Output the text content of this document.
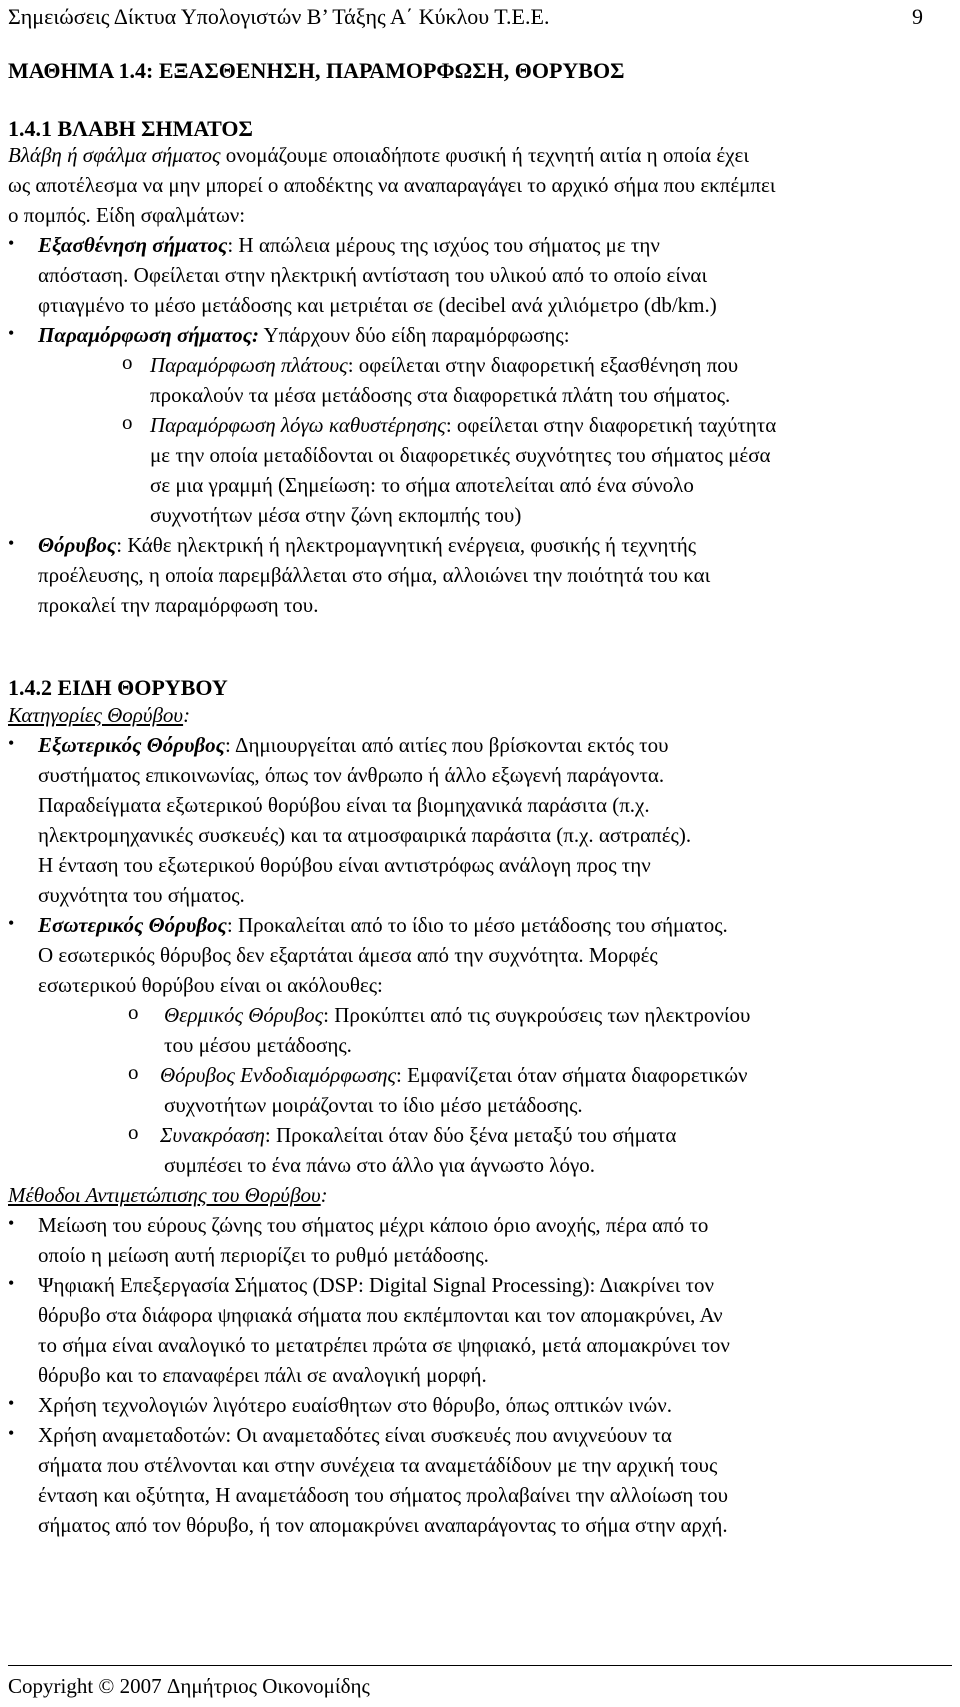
Σημειώσεις Δίκτυα Υπολογιστών Β’ Τάξης Α΄ Κύκλου Τ.Ε.Ε.	9
ΜΑΘΗΜΑ 1.4: ΕΞΑΣΘΕΝΗΣΗ, ΠΑΡΑΜΟΡΦΩΣΗ, ΘΟΡΥΒΟΣ
1.4.1 ΒΛΑΒΗ ΣΗΜΑΤΟΣ
Βλάβη ή σφάλμα σήματος ονομάζουμε οποιαδήποτε φυσική ή τεχνητή αιτία η οποία έχει
ως αποτέλεσμα να μην μπορεί ο αποδέκτης να αναπαραγάγει το αρχικό σήμα που εκπέμπει
ο πομπός. Είδη σφαλμάτων:
• Εξασθένηση σήματος: Η απώλεια μέρους της ισχύος του σήματος με την
απόσταση. Οφείλεται στην ηλεκτρική αντίσταση του υλικού από το οποίο είναι
φτιαγμένο το μέσο μετάδοσης και μετριέται σε (decibel ανά χιλιόμετρο (db/km.)
• Παραμόρφωση σήματος: Υπάρχουν δύο είδη παραμόρφωσης:
o Παραμόρφωση πλάτους: οφείλεται στην διαφορετική εξασθένηση που
προκαλούν τα μέσα μετάδοσης στα διαφορετικά πλάτη του σήματος.
o Παραμόρφωση λόγω καθυστέρησης: οφείλεται στην διαφορετική ταχύτητα
με την οποία μεταδίδονται οι διαφορετικές συχνότητες του σήματος μέσα
σε μια γραμμή (Σημείωση: το σήμα αποτελείται από ένα σύνολο
συχνοτήτων μέσα στην ζώνη εκπομπής του)
• Θόρυβος: Κάθε ηλεκτρική ή ηλεκτρομαγνητική ενέργεια, φυσικής ή τεχνητής
προέλευσης, η οποία παρεμβάλλεται στο σήμα, αλλοιώνει την ποιότητά του και
προκαλεί την παραμόρφωση του.
1.4.2 ΕΙΔΗ ΘΟΡΥΒΟΥ
Κατηγορίες Θορύβου:
• Εξωτερικός Θόρυβος: Δημιουργείται από αιτίες που βρίσκονται εκτός του
συστήματος επικοινωνίας, όπως τον άνθρωπο ή άλλο εξωγενή παράγοντα.
Παραδείγματα εξωτερικού θορύβου είναι τα βιομηχανικά παράσιτα (π.χ.
ηλεκτρομηχανικές συσκευές) και τα ατμοσφαιρικά παράσιτα (π.χ. αστραπές).
Η ένταση του εξωτερικού θορύβου είναι αντιστρόφως ανάλογη προς την
συχνότητα του σήματος.
• Εσωτερικός Θόρυβος: Προκαλείται από το ίδιο το μέσο μετάδοσης του σήματος.
Ο εσωτερικός θόρυβος δεν εξαρτάται άμεσα από την συχνότητα. Μορφές
εσωτερικού θορύβου είναι οι ακόλουθες:
o Θερμικός Θόρυβος: Προκύπτει από τις συγκρούσεις των ηλεκτρονίου
του μέσου μετάδοσης.
o Θόρυβος Ενδοδιαμόρφωσης: Εμφανίζεται όταν σήματα διαφορετικών
συχνοτήτων μοιράζονται το ίδιο μέσο μετάδοσης.
o Συνακρόαση: Προκαλείται όταν δύο ξένα μεταξύ του σήματα
συμπέσει το ένα πάνω στο άλλο για άγνωστο λόγο.
Μέθοδοι Αντιμετώπισης του Θορύβου:
• Μείωση του εύρους ζώνης του σήματος μέχρι κάποιο όριο ανοχής, πέρα από το
οποίο η μείωση αυτή περιορίζει το ρυθμό μετάδοσης.
• Ψηφιακή Επεξεργασία Σήματος (DSP: Digital Signal Processing): Διακρίνει τον
θόρυβο στα διάφορα ψηφιακά σήματα που εκπέμπονται και τον απομακρύνει, Αν
το σήμα είναι αναλογικό το μετατρέπει πρώτα σε ψηφιακό, μετά απομακρύνει τον
θόρυβο και το επαναφέρει πάλι σε αναλογική μορφή.
• Χρήση τεχνολογιών λιγότερο ευαίσθητων στο θόρυβο, όπως οπτικών ινών.
• Χρήση αναμεταδοτών: Οι αναμεταδότες είναι συσκευές που ανιχνεύουν τα
σήματα που στέλνονται και στην συνέχεια τα αναμετάδίδουν με την αρχική τους
ένταση και οξύτητα, Η αναμετάδοση του σήματος προλαβαίνει την αλλοίωση του
σήματος από τον θόρυβο, ή τον απομακρύνει αναπαράγοντας το σήμα στην αρχή.
Copyright © 2007 Δημήτριος Οικονομίδης
